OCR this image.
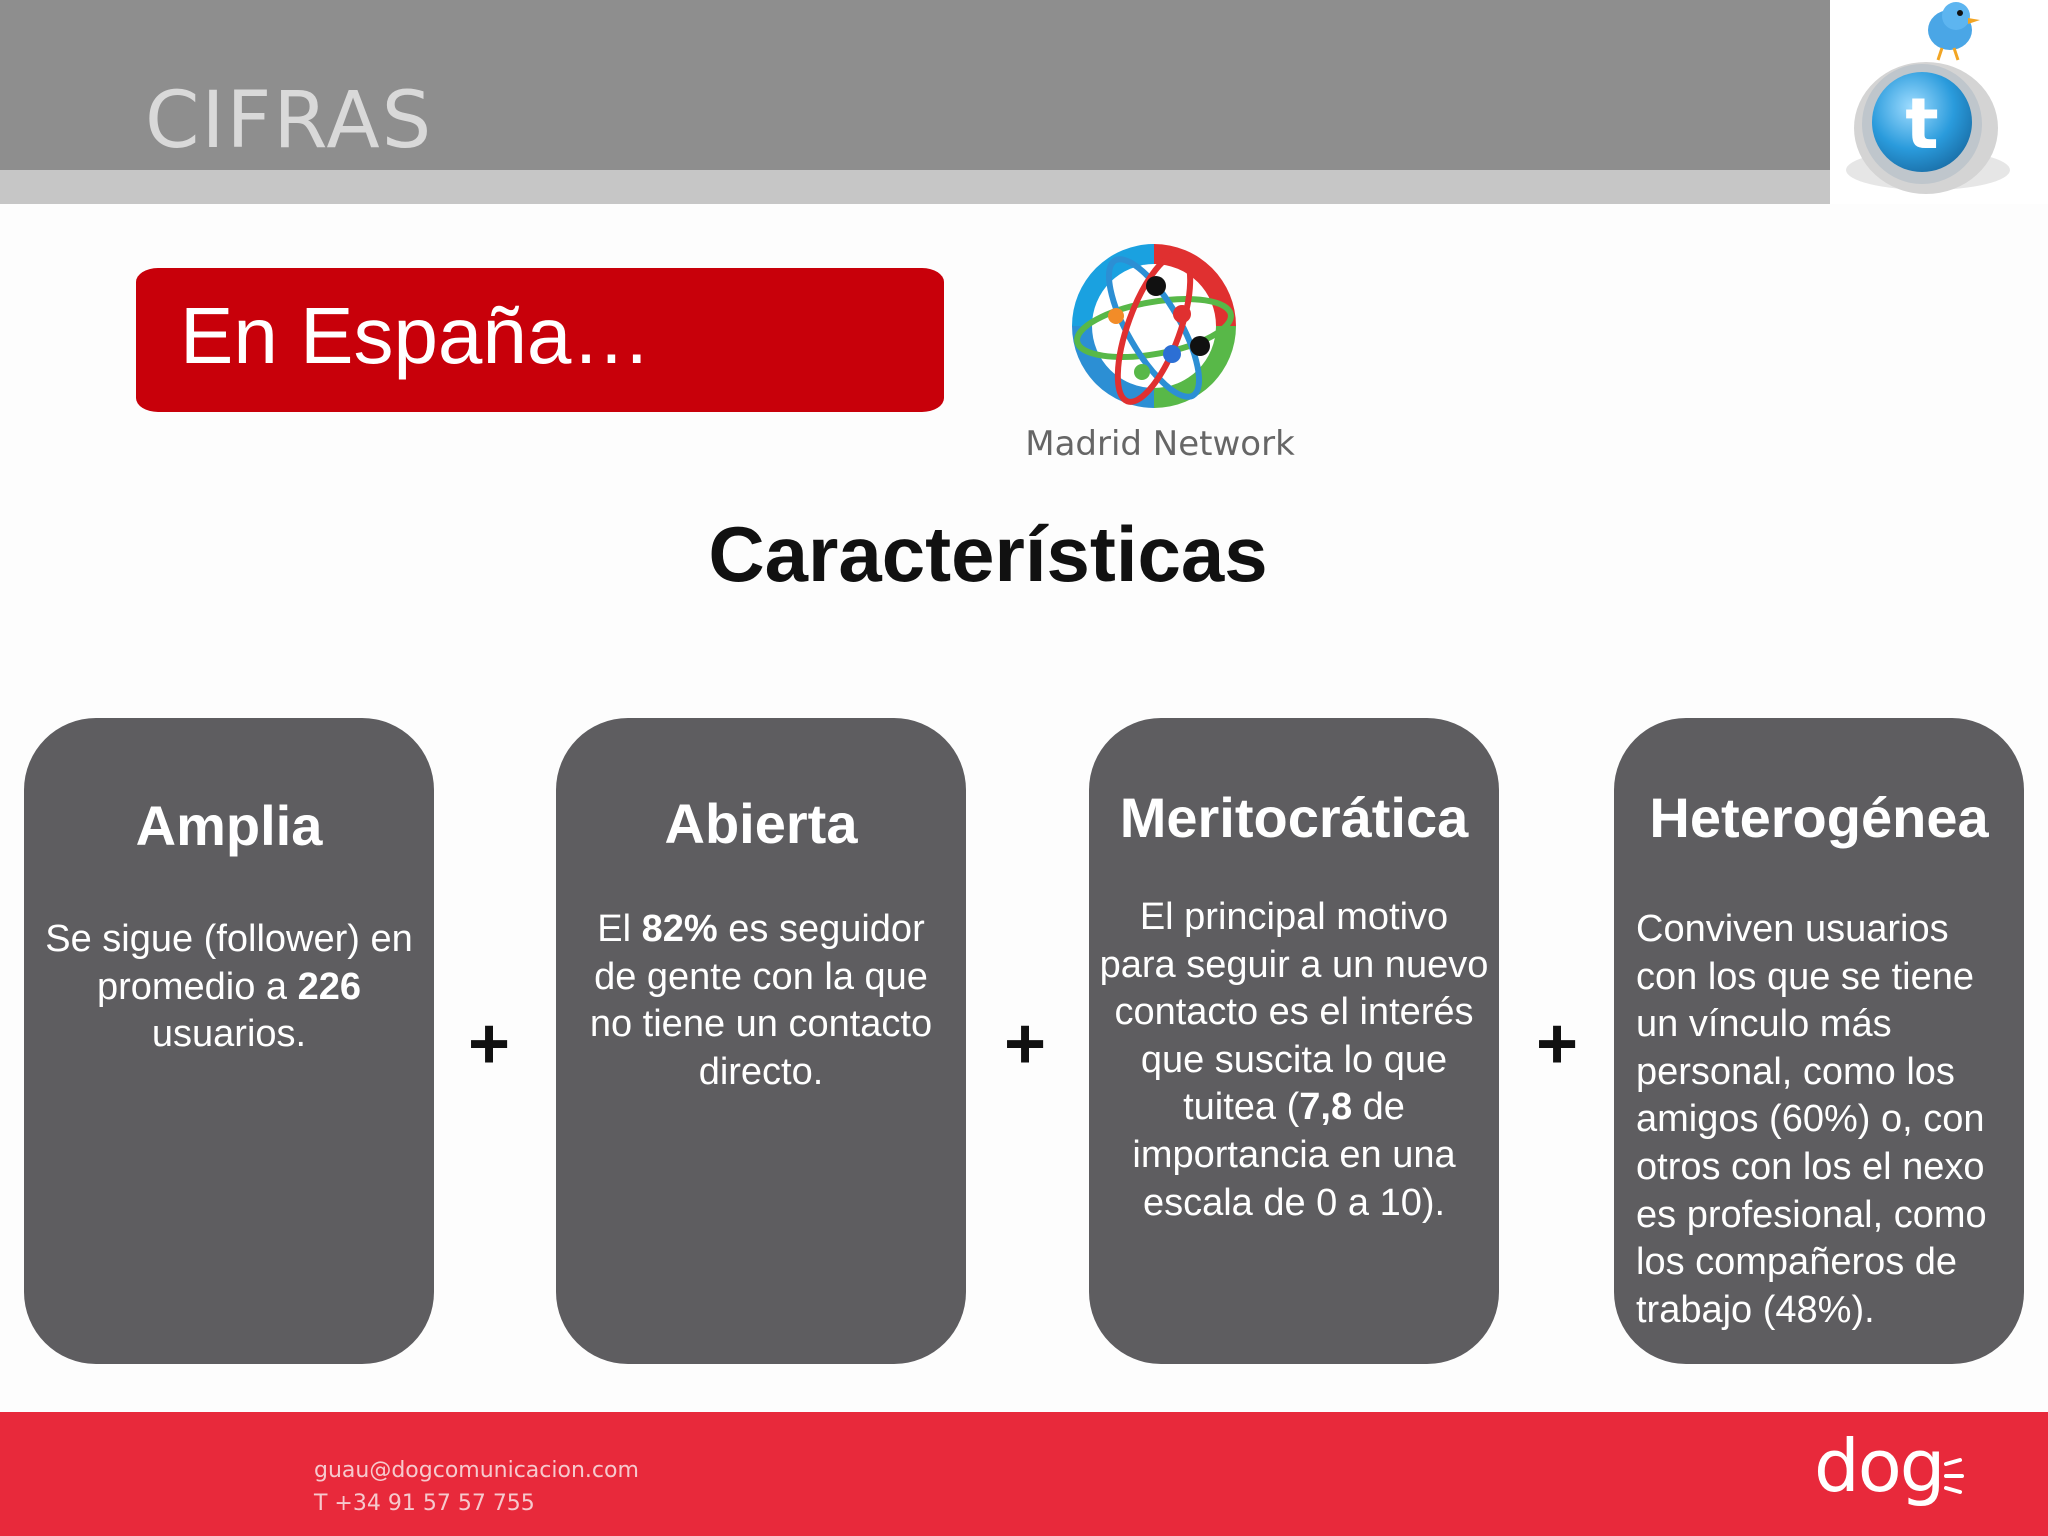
CIFRAS	t
En España…
Madrid Network
Características
Amplia
Se sigue (follower) en promedio a 226 usuarios.	+
Abierta
El 82% es seguidor de gente con la que no tiene un contacto directo.	+
Meritocrática
El principal motivo para seguir a un nuevo contacto es el interés que suscita lo que tuitea (7,8 de importancia en una escala de 0 a 10).
+
Heterogénea
Conviven usuarios con los que se tiene un vínculo más personal, como los amigos (60%) o, con otros con los el nexo es profesional, como los compañeros de trabajo (48%).
guau@dogcomunicacion.com
T +34 91 57 57 755	dog
